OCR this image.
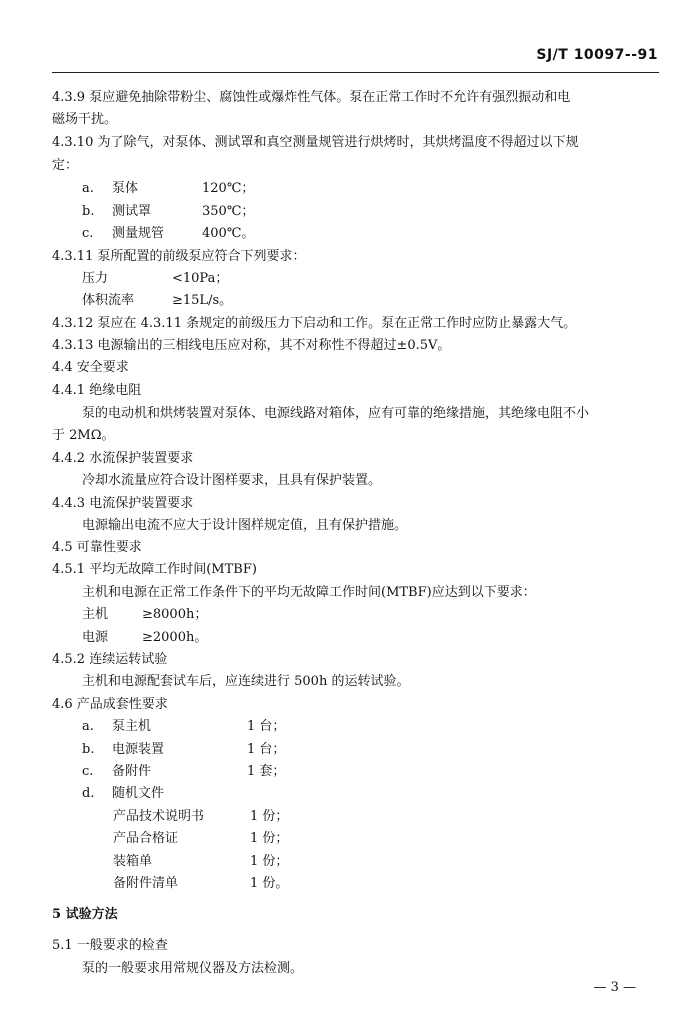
SJ/T 10097--91
4.3.9 泵应避免抽除带粉尘、腐蚀性或爆炸性气体。泵在正常工作时不允许有强烈振动和电
磁场干扰。
4.3.10 为了除气，对泵体、测试罩和真空测量规管进行烘烤时，其烘烤温度不得超过以下规
定：
a. 泵体	120℃；
b. 测试罩	350℃；
c. 测量规管	400℃。
4.3.11 泵所配置的前级泵应符合下列要求：
压力	<10Pa；
体积流率	≥15L/s。
4.3.12 泵应在 4.3.11 条规定的前级压力下启动和工作。泵在正常工作时应防止暴露大气。
4.3.13 电源输出的三相线电压应对称，其不对称性不得超过±0.5V。
4.4 安全要求
4.4.1 绝缘电阻
泵的电动机和烘烤装置对泵体、电源线路对箱体，应有可靠的绝缘措施，其绝缘电阻不小
于 2MΩ。
4.4.2 水流保护装置要求
冷却水流量应符合设计图样要求，且具有保护装置。
4.4.3 电流保护装置要求
电源输出电流不应大于设计图样规定值，且有保护措施。
4.5 可靠性要求
4.5.1 平均无故障工作时间(MTBF)
主机和电源在正常工作条件下的平均无故障工作时间(MTBF)应达到以下要求：
主机	≥8000h；
电源	≥2000h。
4.5.2 连续运转试验
主机和电源配套试车后，应连续进行 500h 的运转试验。
4.6 产品成套性要求
a. 泵主机	1 台；
b. 电源装置	1 台；
c. 备附件	1 套；
d. 随机文件
产品技术说明书	1 份；
产品合格证	1 份；
装箱单	1 份；
备附件清单	1 份。
5 试验方法
5.1 一般要求的检查
泵的一般要求用常规仪器及方法检测。
— 3 —
